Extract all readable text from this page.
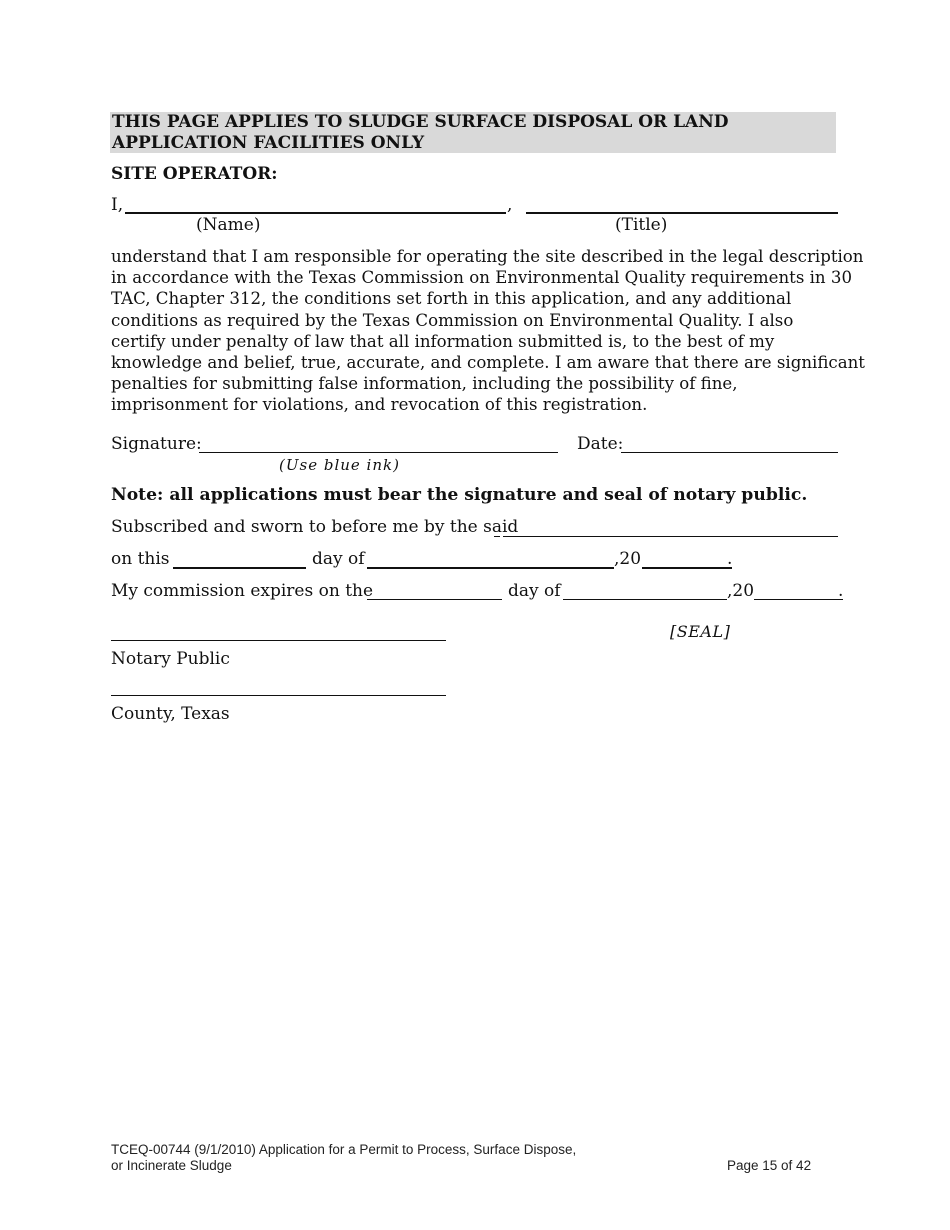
THIS PAGE APPLIES TO SLUDGE SURFACE DISPOSAL OR LAND
APPLICATION FACILITIES ONLY
SITE OPERATOR:
I,	,
(Name)	(Title)
understand that I am responsible for operating the site described in the legal description
in accordance with the Texas Commission on Environmental Quality requirements in 30
TAC, Chapter 312, the conditions set forth in this application, and any additional
conditions as required by the Texas Commission on Environmental Quality. I also
certify under penalty of law that all information submitted is, to the best of my
knowledge and belief, true, accurate, and complete. I am aware that there are significant
penalties for submitting false information, including the possibility of fine,
imprisonment for violations, and revocation of this registration.
Signature:	Date:
(Use blue ink)
Note: all applications must bear the signature and seal of notary public.
Subscribed and sworn to before me by the said
on this	day of	,20	.
My commission expires on the	day of	,20	.
[SEAL]
Notary Public
County, Texas
TCEQ-00744 (9/1/2010) Application for a Permit to Process, Surface Dispose,
or Incinerate Sludge	Page 15 of 42
